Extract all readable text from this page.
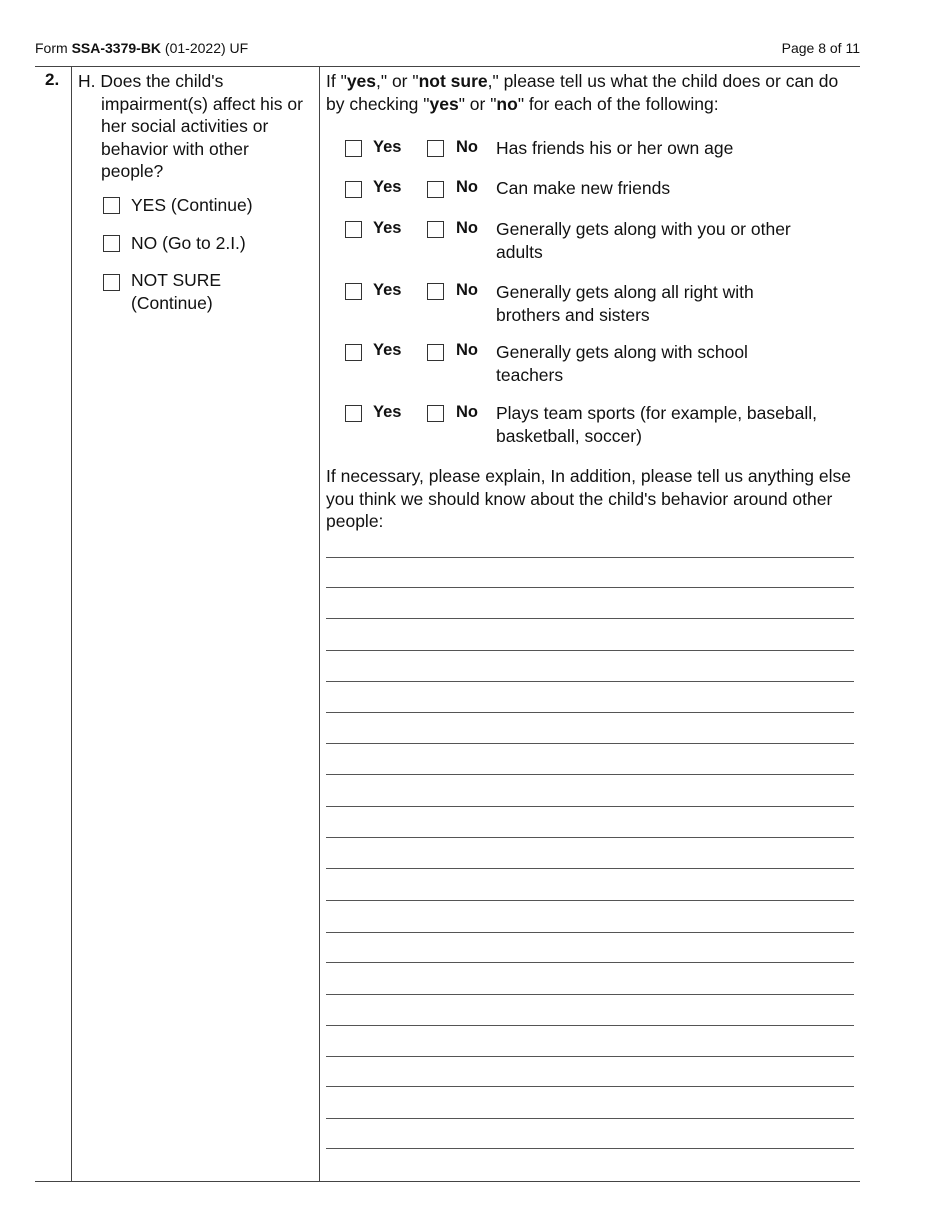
Form SSA-3379-BK (01-2022) UF	Page 8 of 11
2. H. Does the child's impairment(s) affect his or her social activities or behavior with other people?
YES (Continue)
NO (Go to 2.I.)
NOT SURE (Continue)
If "yes," or "not sure," please tell us what the child does or can do by checking "yes" or "no" for each of the following:
Yes	No Has friends his or her own age
Yes	No Can make new friends
Yes	No Generally gets along with you or other adults
Yes	No Generally gets along all right with brothers and sisters
Yes	No Generally gets along with school teachers
Yes	No Plays team sports (for example, baseball, basketball, soccer)
If necessary, please explain, In addition, please tell us anything else you think we should know about the child's behavior around other people:
